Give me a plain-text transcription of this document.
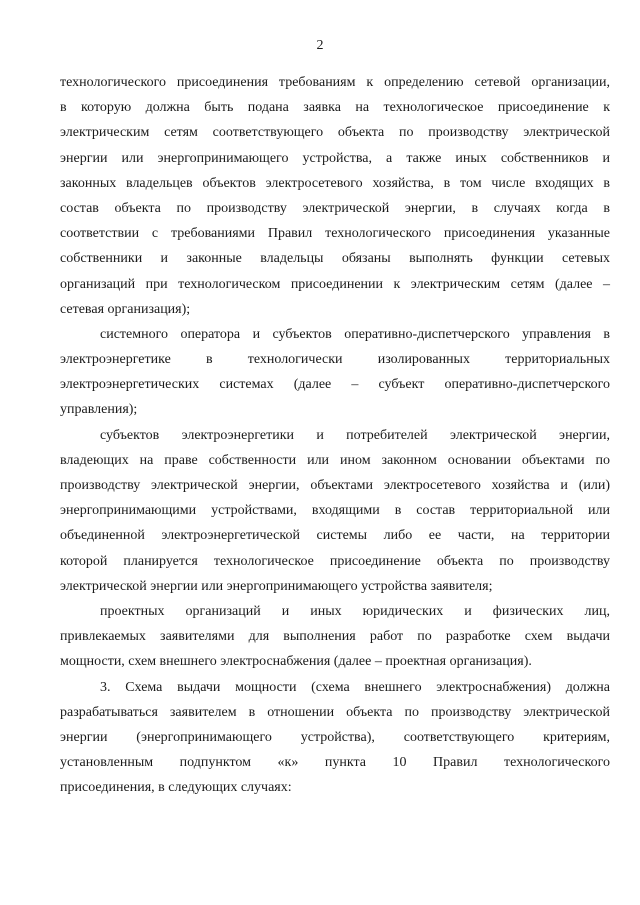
2
технологического присоединения требованиям к определению сетевой организации,
в которую должна быть подана заявка на технологическое присоединение к
электрическим сетям соответствующего объекта по производству электрической
энергии или энергопринимающего устройства, а также иных собственников и
законных владельцев объектов электросетевого хозяйства, в том числе входящих в
состав объекта по производству электрической энергии, в случаях когда в
соответствии с требованиями Правил технологического присоединения указанные
собственники и законные владельцы обязаны выполнять функции сетевых
организаций при технологическом присоединении к электрическим сетям (далее –
сетевая организация);
системного оператора и субъектов оперативно-диспетчерского управления в
электроэнергетике в технологически изолированных территориальных
электроэнергетических системах (далее – субъект оперативно-диспетчерского
управления);
субъектов электроэнергетики и потребителей электрической энергии,
владеющих на праве собственности или ином законном основании объектами по
производству электрической энергии, объектами электросетевого хозяйства и (или)
энергопринимающими устройствами, входящими в состав территориальной или
объединенной электроэнергетической системы либо ее части, на территории
которой планируется технологическое присоединение объекта по производству
электрической энергии или энергопринимающего устройства заявителя;
проектных организаций и иных юридических и физических лиц,
привлекаемых заявителями для выполнения работ по разработке схем выдачи
мощности, схем внешнего электроснабжения (далее – проектная организация).
3. Схема выдачи мощности (схема внешнего электроснабжения) должна
разрабатываться заявителем в отношении объекта по производству электрической
энергии (энергопринимающего устройства), соответствующего критериям,
установленным подпунктом «к» пункта 10 Правил технологического
присоединения, в следующих случаях:
